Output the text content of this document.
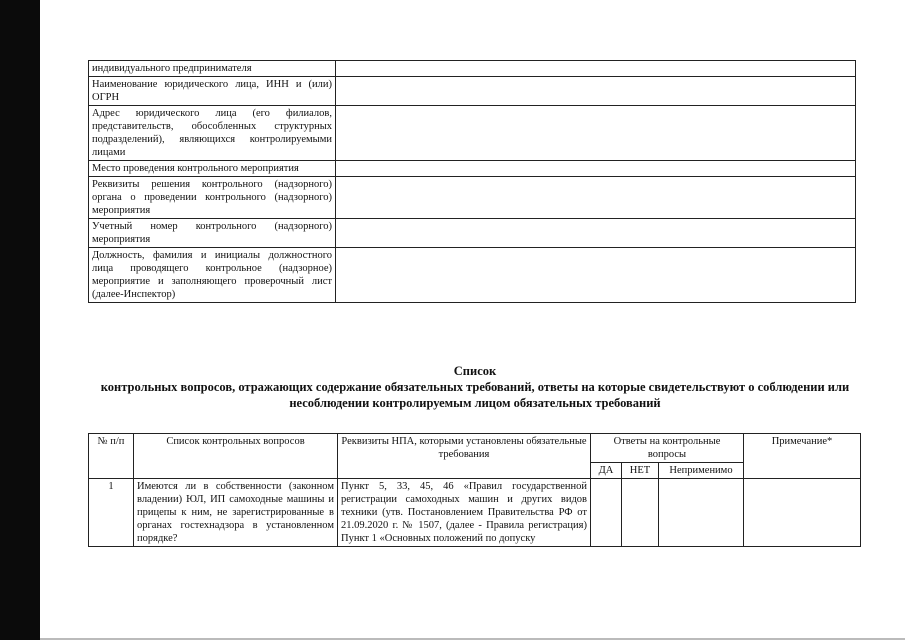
индивидуального предпринимателя	
Наименование юридического лица, ИНН и (или) ОГРН	
Адрес юридического лица (его филиалов, представительств, обособленных структурных подразделений), являющихся контролируемыми лицами	
Место проведения контрольного мероприятия	
Реквизиты решения контрольного (надзорного) органа о проведении контрольного (надзорного) мероприятия	
Учетный номер контрольного (надзорного) мероприятия	
Должность, фамилия и инициалы должностного лица проводящего контрольное (надзорное) мероприятие и заполняющего проверочный лист (далее-Инспектор)	
Список
контрольных вопросов, отражающих содержание обязательных требований, ответы на которые свидетельствуют о соблюдении или несоблюдении контролируемым лицом обязательных требований
№ п/п	Список контрольных вопросов	Реквизиты НПА, которыми установлены обязательные требования	Ответы на контрольные вопросы			Примечание*
			ДА	НЕТ	Неприменимо	
1	Имеются ли в собственности (законном владении) ЮЛ, ИП самоходные машины и прицепы к ним, не зарегистрированные в органах гостехнадзора в установленном порядке?	Пункт 5, 33, 45, 46 «Правил государственной регистрации самоходных машин и других видов техники (утв. Постановлением Правительства РФ от 21.09.2020 г. № 1507, (далее - Правила регистрация) Пункт 1 «Основных положений по допуску				
